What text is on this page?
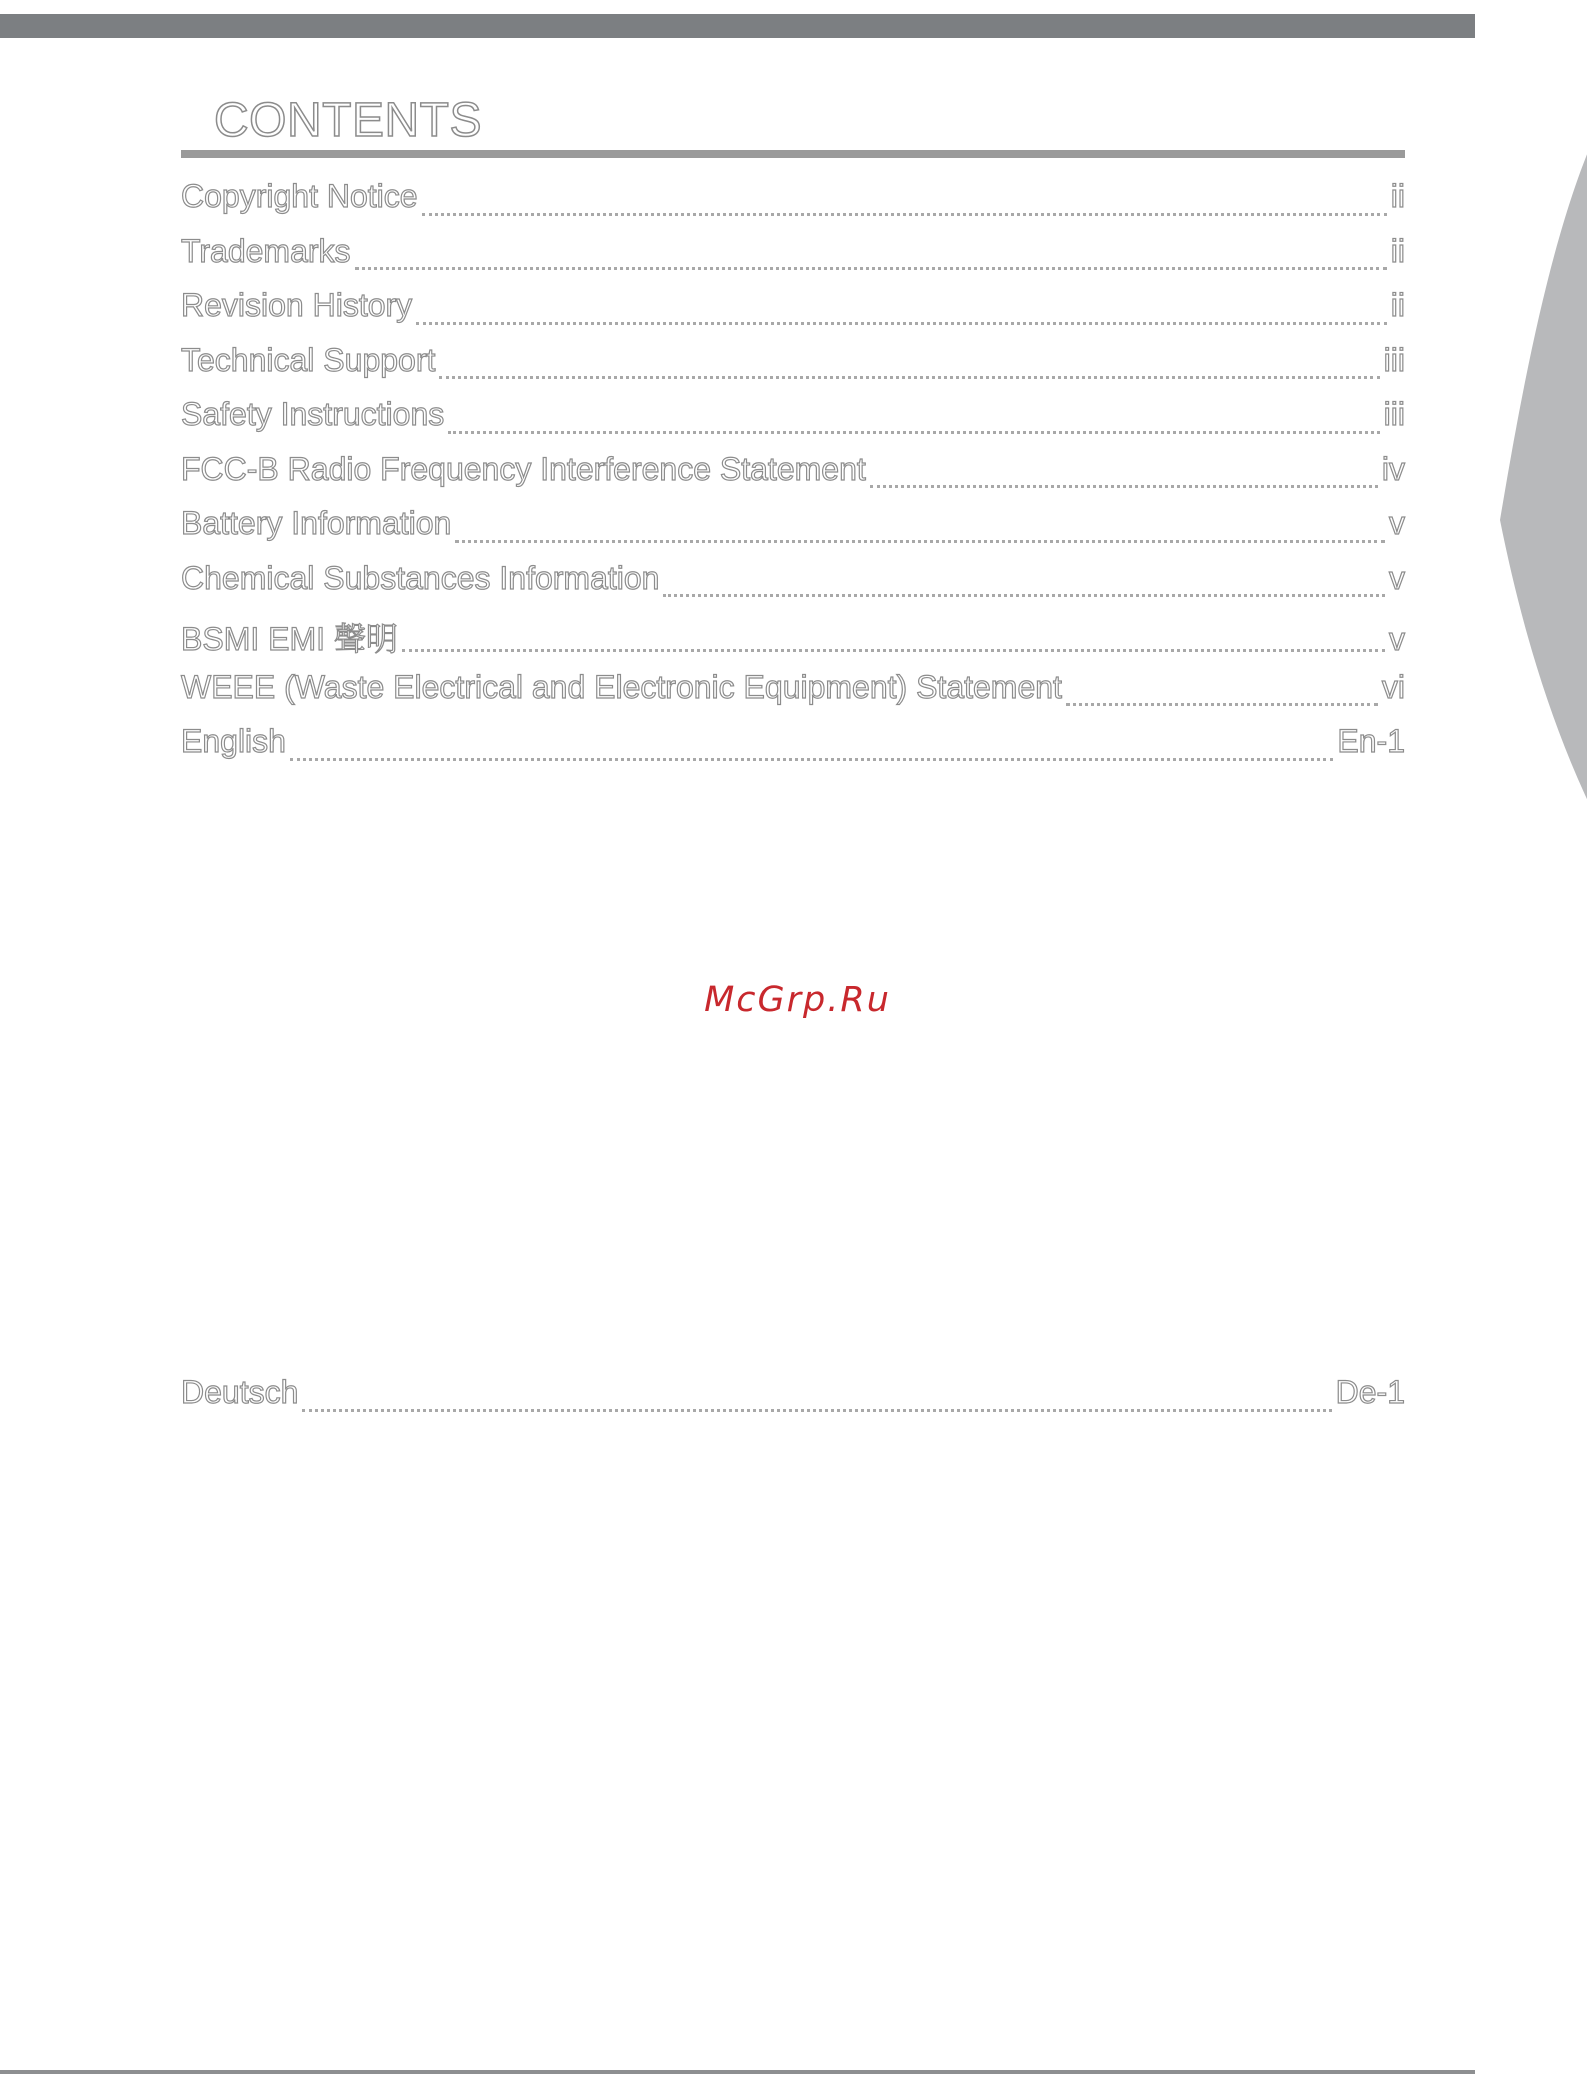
CONTENTS
Copyright Notice	ii
Trademarks	ii
Revision History	ii
Technical Support	iii
Safety Instructions	iii
FCC-B Radio Frequency Interference Statement	iv
Battery Information	v
Chemical Substances Information	v
BSMI EMI 聲明	v
WEEE (Waste Electrical and Electronic Equipment) Statement	vi
English	En-1
McGrp.Ru
Deutsch	De-1
